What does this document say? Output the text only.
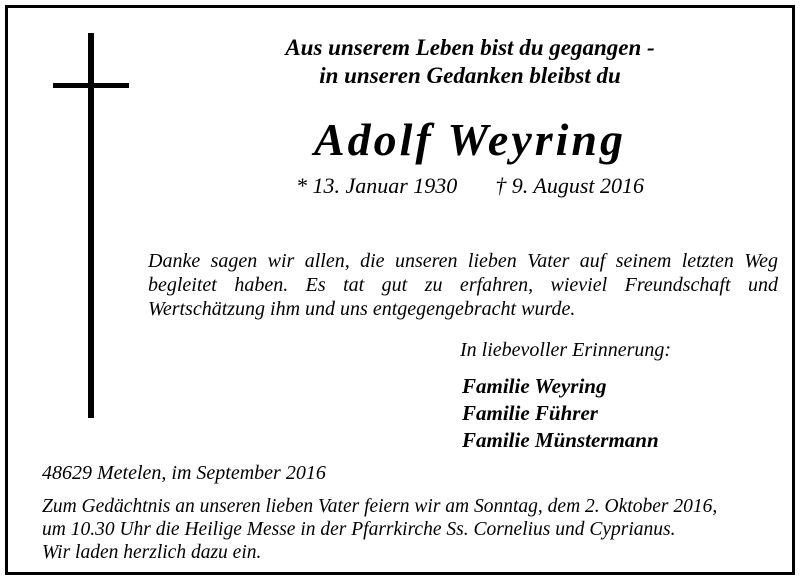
Aus unserem Leben bist du gegangen -
in unseren Gedanken bleibst du
Adolf Weyring
* 13. Januar 1930 † 9. August 2016
Danke sagen wir allen, die unseren lieben Vater auf seinem letzten Weg
begleitet haben. Es tat gut zu erfahren, wieviel Freundschaft und
Wertschätzung ihm und uns entgegengebracht wurde.
In liebevoller Erinnerung:
Familie Weyring
Familie Führer
Familie Münstermann
48629 Metelen, im September 2016
Zum Gedächtnis an unseren lieben Vater feiern wir am Sonntag, dem 2. Oktober 2016,
um 10.30 Uhr die Heilige Messe in der Pfarrkirche Ss. Cornelius und Cyprianus.
Wir laden herzlich dazu ein.
